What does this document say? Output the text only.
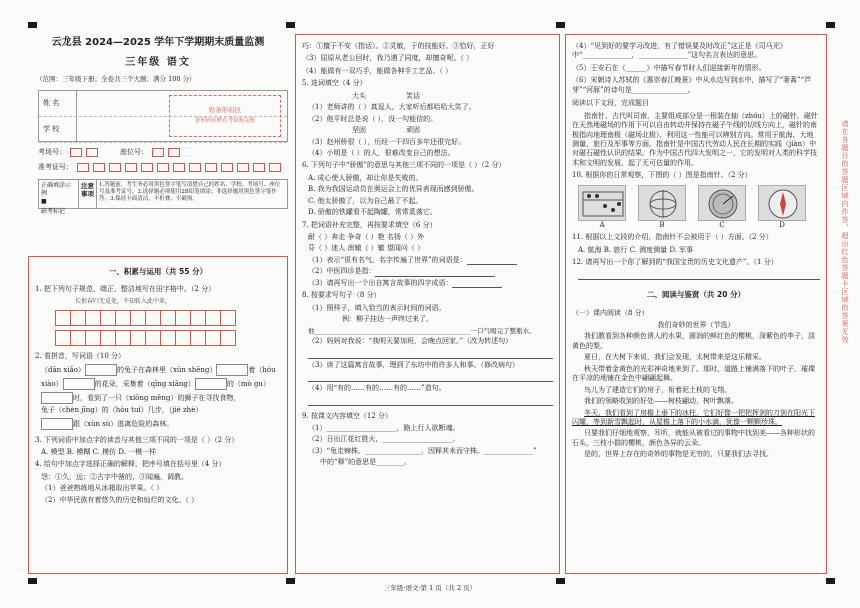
云龙县 2024—2025 学年下学期期末质量监测
三年级 语文
（范围：三年级下册；全卷共三个大题；满分 100 分）
姓 名
学 校
贴条形码区
条形码应贴在考试相关框
考场号：	座位号：
准考证号：
正确填涂示例
■
缺考标记
注意事项
1.答题前，考生务必用黑色签字笔写清楚自己的姓名、学校、考场号、座位号及准考证号。2.选择题必须使用2B铅笔填涂；非选择题用黑色签字笔作答。3.保持卡面清洁，不折叠、不破损。
一、积累与运用（共 55 分）
1. 把下列句子规范、端正、整洁地写在田字格中。（2 分）
长恨春归无觅处，不知转入此中来。
2. 看拼音，写词语（10 分）
（dān xiǎo）	的兔子在森林里（xūn shēng）	着（hóu
xiào）	的花朵，采集着（qīng xiāng）	的（mò gu）
时，看到了一只（xiōng měng）的狮子在寻找食物，
兔子（chèn jīng）的（hòu tuì）几步，（jié zhè）
跟（xùn sù）逃离危险的森林。
3. 下列词语中加点字的读音与其他三项不同的一项是（ ）（2 分）
A. 模型 B. 模糊 C. 模仿 D. 一模一样
4. 给句中加点字选择正确的解释，把序号填在括号里（4 分）
怨：①久，远；②古字中凿的、③闻遍，调教。
（1）爸爸熟练地从冰箱取出苹果。（ ）
（2）中华民族有着悠久的历史和灿烂的文化。（ ）
巧：①擅于不安（指话）。②灵敏，于的技能好。③恰好，正好
（3）屈原从老公回时，我乃遇了同度，却擅奇呢。（ ）
（4）能做有一双巧手，能做各种手工艺品。（ ）
5. 选词填空（4 分）
大头	笑话
（1）老师讲的（ ）真逗人，大家听后都哈哈大笑了。
（2）他平时总是说（ ），没一句能信的。
坚固	顽固
（3）赵州桥很（ ），历经一千四百多年还很完好。
（4）小明是（ ）的人，很难改变自己的想法。
6. 下列句子中“骄傲”的意思与其他三项不同的一项是（ ）（2 分）
A. 成心使人骄傲，却让你是失败的。
B. 我为我国运动员在奥运会上的优异表现而感到骄傲。
C. 他太骄傲了，以为自己最了不起。
D. 骄傲的铁罐看不起陶罐，常常奚落它。
7. 把词语补充完整，再按要求填空（6 分）
耐（ ）奔走 争奇（ ）艳 名扬（ ）外
芬（ ）迷人 南辕（ ）辙 望闻问（ ）
（1）表示“很有名气，名字传遍了世界”的词语是：
（2）中医四诊是指：
（3）请再写出一个出自寓言故事的四字成语：
8. 按要求写句子（8 分）
（1）照样子，填入恰当的表示时间的词语。
例：柳子挂达一声终过来了。
他________________________________________________一口气喝完了整瓶水。
（2）妈妈对我说：“我明天要加班，会晚点回家。”（改为转述句）
（3）读了这篇寓言故事，理到了东坊中的许多人和事。（修改病句）
（4）用“有的……有的……有的……”造句。
9. 按课文内容填空（12 分）
（1）____________________，路上行人欲断魂。
（2）日出江花红胜火，____________________。
（3）“兔走棘株，________________，因释其耒而守株。______________”
中的“释”的意思是________。
（4）“见到好的要学习改进，有了错误要及时改正”这正是《司马光》中“______________，______________”这句名言表达的意思。
（5）王安石在《______》中描写春节时人们迎接新年的情形。
（6）宋朝诗人苏轼的《惠崇春江晚景》中从水边写到水中，描写了“蒌蒿”“芦芽”“河豚”的诗句是________________。
阅读以下文段，完成题目
指南针，古代叫司南，主要组成部分是一根装在轴（zhóu）上的磁针，磁针在天然地磁场的作用下可以自由转动并保持在磁子午线的切线方向上，磁针的南极指向地理南极（磁场北极），利用这一性能可以辨别方向。常用于航海、大地测量、旅行及军事等方面。指南针是中国古代劳动人民在长期的实践（jiàn）中对磁石磁性认识的结果。作为中国古代四大发明之一，它的发明对人类的科学技术和文明的发展，起了无可估量的作用。
10. 根据你的日常观察，下图的（ ）图是指南针。（2 分）
A	B	C	D
11. 根据以上文段的介绍，指南针不会被用于（ ）方面。（2 分）
A. 航海 B. 旅行 C. 测度测量 D. 军事
12. 请再写出一个你了解到的“我国宝贵的历史文化遗产”。（1 分）
二、阅读与鉴赏（共 20 分）
（一）课内阅读（8 分）
我们奇妙的世界（节选）
我们教看到各种颜色诱人的水果，圆润的鲜红色的樱桃，深紫色的李子，淡黄色的梨。
夏日，在大树下来说，我们会发现，太树带来是这乐精采。
秋天带着金黄色的光彩神奇地来到了。那时，道路上铺满落下的叶子，璀璨在平凉的地铺在金色中翩翩起舞。
鸟儿为了建造它们的房子，衔着泥土枝的飞翔。
我们的领略收到的好处——树枝翩动，树叶飘落。
冬天，我们看到了房檐上垂下的冰柱，它们好像一把把挥剑的刀剑在阳光下闪耀，等到新雪飘起时，从屋檐上落下的小水滴，犹像一颗颗珍珠。
只要我们仔细地观察，耳听，就能从被看过的事物中找到美——各种形状的石头，三枝小群的樱桃，颜色各异的云朵。
是的，世界上存在的奇妙的事物是无穷的，只要我们去寻找。
请在各题目的答题区域内作答，超出红色答题卡区域的答案无效
三年级·语文·第 1 页（共 2 页）
